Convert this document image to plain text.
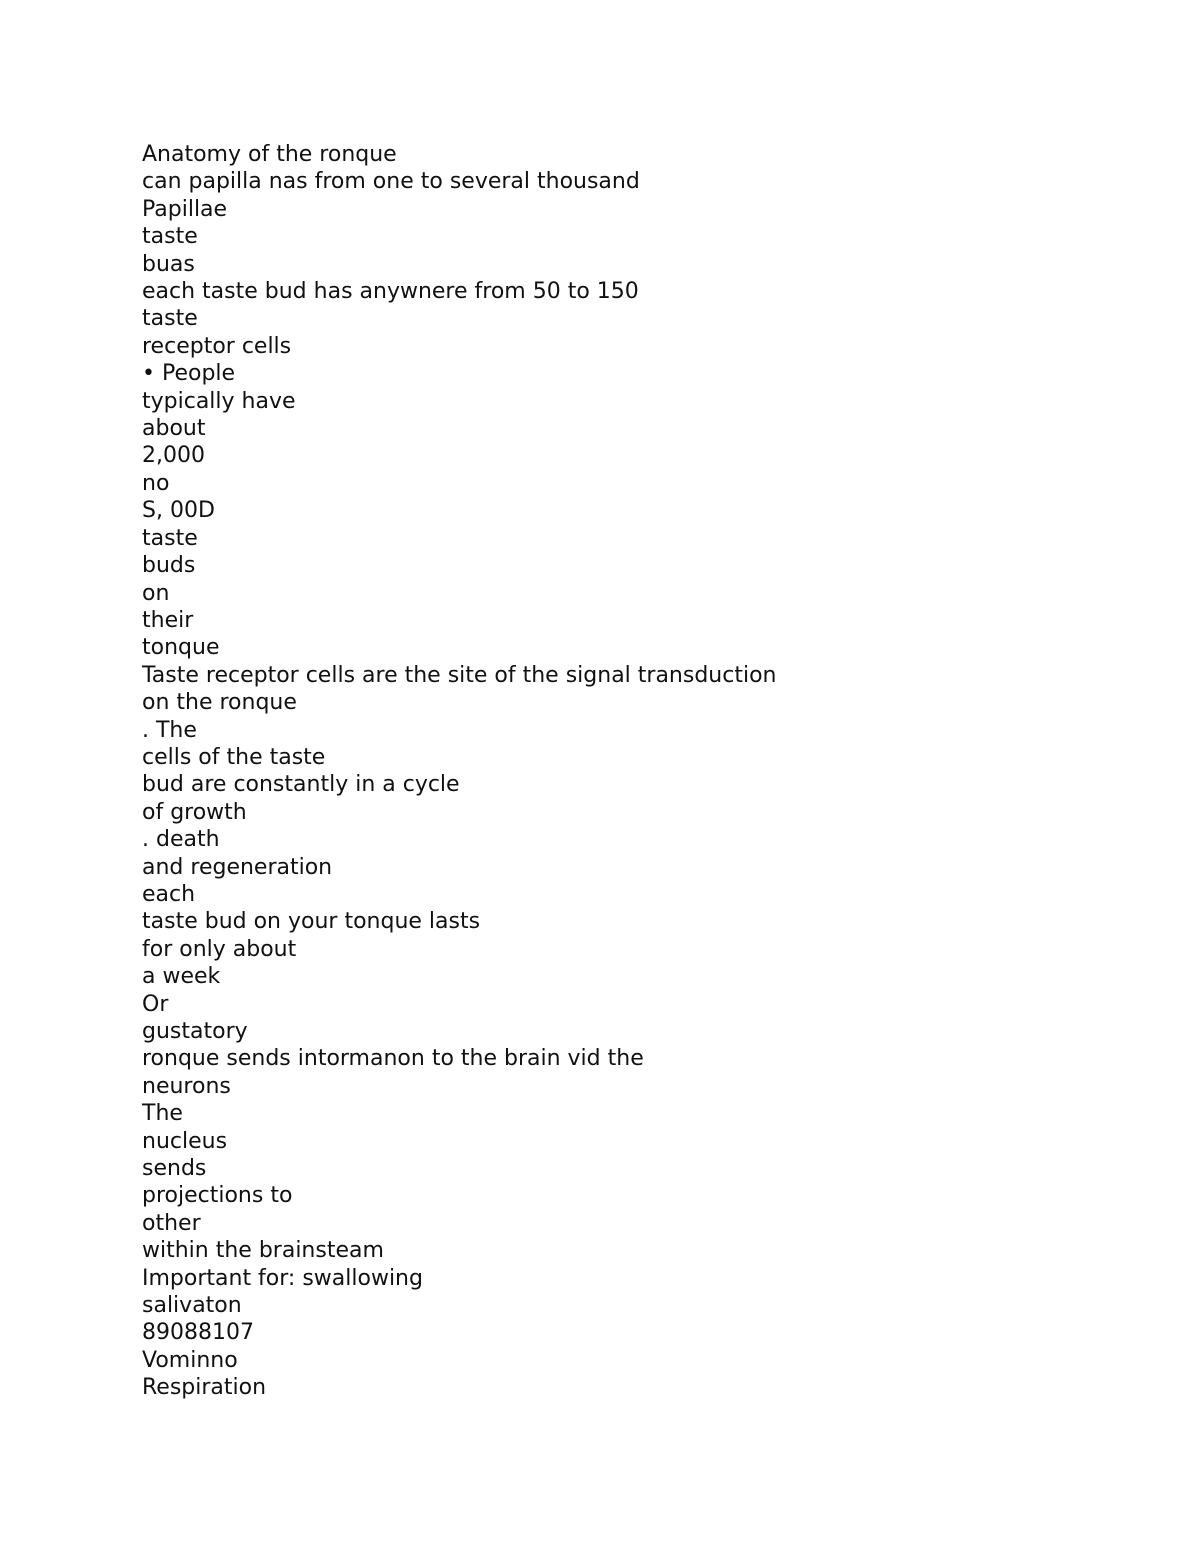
Anatomy of the ronque
can papilla nas from one to several thousand
Papillae
taste
buas
each taste bud has anywnere from 50 to 150
taste
receptor cells
• People
typically have
about
2,000
no
S, 00D
taste
buds
on
their
tonque
Taste receptor cells are the site of the signal transduction
on the ronque
. The
cells of the taste
bud are constantly in a cycle
of growth
. death
and regeneration
each
taste bud on your tonque lasts
for only about
a week
Or
gustatory
ronque sends intormanon to the brain vid the
neurons
The
nucleus
sends
projections to
other
within the brainsteam
Important for: swallowing
salivaton
89088107
Vominno
Respiration
